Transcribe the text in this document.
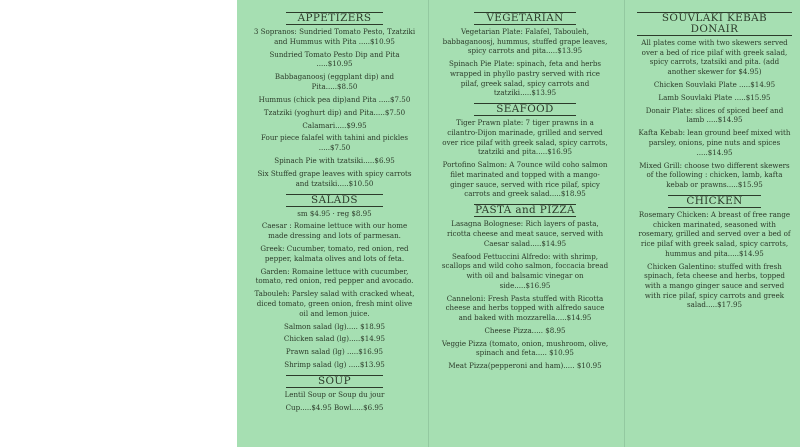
APPETIZERS

3 Sopranos: Sundried Tomato Pesto, Tzatziki and Hummus with Pita .....$10.95

Sundried Tomato Pesto Dip and Pita .....$10.95

Babbaganoosj (eggplant dip) and Pita.....$8.50

Hummus (chick pea dip)and Pita .....$7.50

Tzatziki (yoghurt dip) and Pita.....$7.50

Calamari.....$9.95

Four piece falafel with tahini and pickles .....$7.50

Spinach Pie with tzatsiki.....$6.95

Six Stuffed grape leaves with spicy carrots and tzatsiki.....$10.50

SALADS

sm $4.95 · reg $8.95

Caesar : Romaine lettuce with our home made dressing and lots of parmesan.

Greek: Cucumber, tomato, red onion, red pepper, kalmata olives and lots of feta.

Garden: Romaine lettuce with cucumber, tomato, red onion, red pepper and avocado.

Tabouleh: Parsley salad with cracked wheat, diced tomato, green onion, fresh mint olive oil and lemon juice.

Salmon salad (lg)..... $18.95

Chicken salad (lg).....$14.95

Prawn salad (lg) .....$16.95

Shrimp salad (lg) .....$13.95

SOUP

Lentil Soup or Soup du jour

Cup.....$4.95 Bowl.....$6.95

VEGETARIAN

Vegetarian Plate: Falafel, Tabouleh, babbaganoosj, hummus, stuffed grape leaves, spicy carrots and pita.....$13.95

Spinach Pie Plate: spinach, feta and herbs wrapped in phyllo pastry served with rice pilaf, greek salad, spicy carrots and tzatziki.....$13.95

SEAFOOD

Tiger Prawn plate: 7 tiger prawns in a cilantro-Dijon marinade, grilled and served over rice pilaf with greek salad, spicy carrots, tzatziki and pita.....$16.95

Portofino Salmon: A 7ounce wild coho salmon filet marinated and topped with a mango-ginger sauce, served with rice pilaf, spicy carrots and greek salad.....$18.95

PASTA and PIZZA

Lasagna Bolognese: Rich layers of pasta, ricotta cheese and meat sauce, served with Caesar salad.....$14.95

Seafood Fettuccini Alfredo: with shrimp, scallops and wild coho salmon, foccacia bread with oil and balsamic vinegar on side.....$16.95

Canneloni: Fresh Pasta stuffed with Ricotta cheese and herbs topped with alfredo sauce and baked with mozzarella.....$14.95

Cheese Pizza..... $8.95

Veggie Pizza (tomato, onion, mushroom, olive, spinach and feta..... $10.95

Meat Pizza(pepperoni and ham)..... $10.95

SOUVLAKI KEBAB DONAIR

All plates come with two skewers served over a bed of rice pilaf with greek salad, spicy carrots, tzatsiki and pita. (add another skewer for $4.95)

Chicken Souvlaki Plate .....$14.95

Lamb Souvlaki Plate .....$15.95

Donair Plate: slices of spiced beef and lamb .....$14.95

Kafta Kebab: lean ground beef mixed with parsley, onions, pine nuts and spices .....$14.95

Mixed Grill: choose two different skewers of the following : chicken, lamb, kafta kebab or prawns.....$15.95

CHICKEN

Rosemary Chicken: A breast of free range chicken marinated, seasoned with rosemary, grilled and served over a bed of rice pilaf with greek salad, spicy carrots, hummus and pita.....$14.95

Chicken Galentino: stuffed with fresh spinach, feta cheese and herbs, topped with a mango ginger sauce and served with rice pilaf, spicy carrots and greek salad.....$17.95
